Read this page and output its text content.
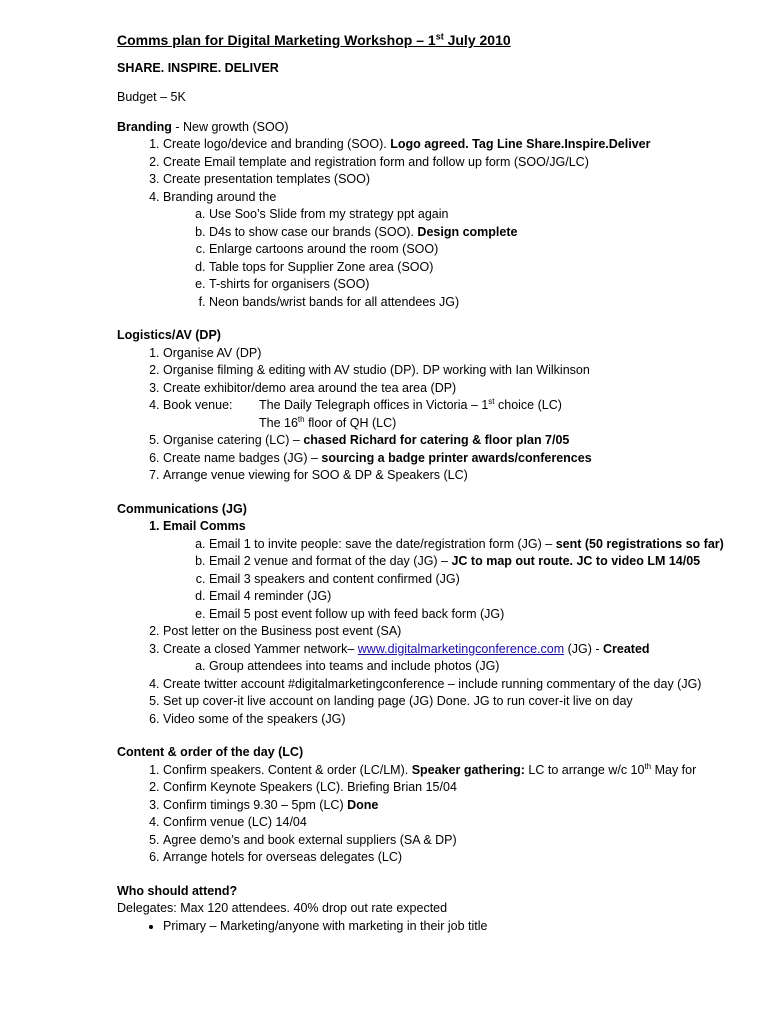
Comms plan for Digital Marketing Workshop – 1st July 2010
SHARE. INSPIRE. DELIVER
Budget – 5K
Branding - New growth (SOO)
1. Create logo/device and branding (SOO). Logo agreed. Tag Line Share.Inspire.Deliver
2. Create Email template and registration form and follow up form (SOO/JG/LC)
3. Create presentation templates (SOO)
4. Branding around the
a. Use Soo’s Slide from my strategy ppt again
b. D4s to show case our brands (SOO). Design complete
c. Enlarge cartoons around the room (SOO)
d. Table tops for Supplier Zone area (SOO)
e. T-shirts for organisers (SOO)
f. Neon bands/wrist bands for all attendees JG)
Logistics/AV (DP)
1. Organise AV (DP)
2. Organise filming & editing with AV studio (DP). DP working with Ian Wilkinson
3. Create exhibitor/demo area around the tea area (DP)
4. Book venue: The Daily Telegraph offices in Victoria – 1st choice (LC)
The 16th floor of QH (LC)
5. Organise catering (LC) – chased Richard for catering & floor plan 7/05
6. Create name badges (JG) – sourcing a badge printer awards/conferences
7. Arrange venue viewing for SOO & DP & Speakers (LC)
Communications (JG)
1. Email Comms
a. Email 1 to invite people: save the date/registration form (JG) – sent (50 registrations so far)
b. Email 2 venue and format of the day (JG) – JC to map out route. JC to video LM 14/05
c. Email 3 speakers and content confirmed (JG)
d. Email 4 reminder (JG)
e. Email 5 post event follow up with feed back form (JG)
2. Post letter on the Business post event (SA)
3. Create a closed Yammer network– www.digitalmarketingconference.com (JG) - Created
a. Group attendees into teams and include photos (JG)
4. Create twitter account #digitalmarketingconference – include running commentary of the day (JG)
5. Set up cover-it live account on landing page (JG) Done. JG to run cover-it live on day
6. Video some of the speakers (JG)
Content & order of the day (LC)
1. Confirm speakers. Content & order (LC/LM). Speaker gathering: LC to arrange w/c 10th May for
2. Confirm Keynote Speakers (LC). Briefing Brian 15/04
3. Confirm timings 9.30 – 5pm (LC) Done
4. Confirm venue (LC) 14/04
5. Agree demo’s and book external suppliers (SA & DP)
6. Arrange hotels for overseas delegates (LC)
Who should attend?
Delegates: Max 120 attendees. 40% drop out rate expected
• Primary – Marketing/anyone with marketing in their job title
